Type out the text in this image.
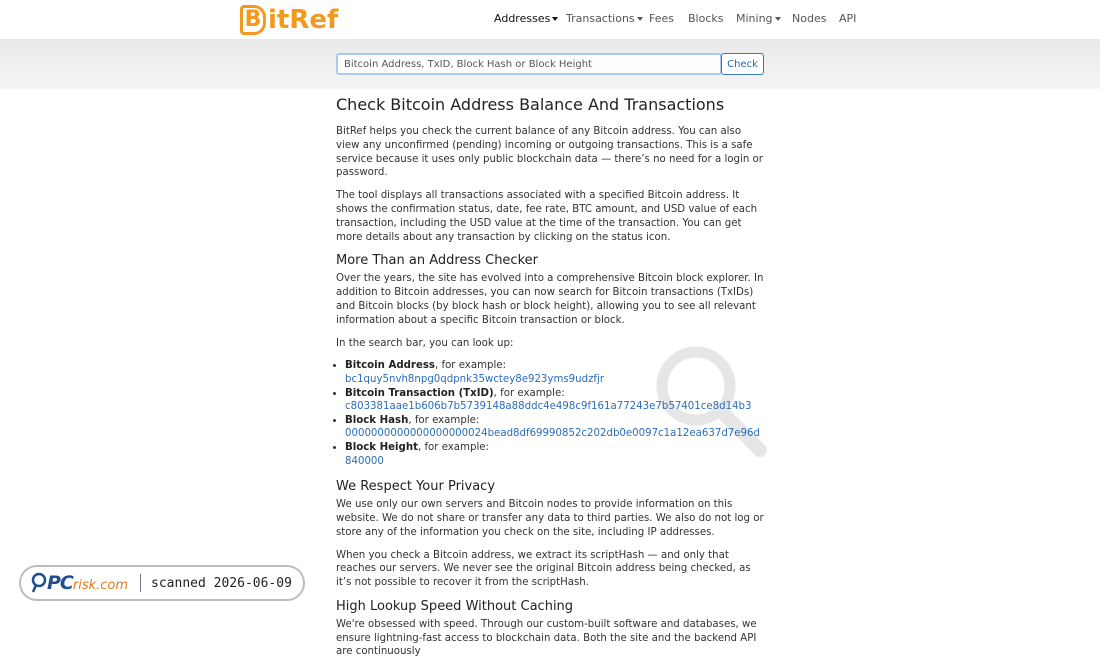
B itRef	Addresses	Transactions	Fees Blocks Mining	Nodes API
Bitcoin Address, TxID, Block Hash or Block Height
Check
Check Bitcoin Address Balance And Transactions

BitRef helps you check the current balance of any Bitcoin address. You can also view any unconfirmed (pending) incoming or outgoing transactions. This is a safe service because it uses only public blockchain data — there’s no need for a login or password.

The tool displays all transactions associated with a specified Bitcoin address. It shows the confirmation status, date, fee rate, BTC amount, and USD value of each transaction, including the USD value at the time of the transaction. You can get more details about any transaction by clicking on the status icon.

More Than an Address Checker

Over the years, the site has evolved into a comprehensive Bitcoin block explorer. In addition to Bitcoin addresses, you can now search for Bitcoin transactions (TxIDs) and Bitcoin blocks (by block hash or block height), allowing you to see all relevant information about a specific Bitcoin transaction or block.

In the search bar, you can look up:

• Bitcoin Address, for example:
bc1quy5nvh8npg0qdpnk35wctey8e923yms9udzfjr
• Bitcoin Transaction (TxID), for example:
c803381aae1b606b7b5739148a88ddc4e498c9f161a77243e7b57401ce8d14b3
• Block Hash, for example:
0000000000000000000024bead8df69990852c202db0e0097c1a12ea637d7e96d
• Block Height, for example:
840000
We Respect Your Privacy

We use only our own servers and Bitcoin nodes to provide information on this website. We do not share or transfer any data to third parties. We also do not log or store any of the information you check on the site, including IP addresses.

When you check a Bitcoin address, we extract its scriptHash — and only that reaches our servers. We never see the original Bitcoin address being checked, as it’s not possible to recover it from the scriptHash.

High Lookup Speed Without Caching

We're obsessed with speed. Through our custom-built software and databases, we ensure lightning-fast access to blockchain data. Both the site and the backend API are continuously

PC risk.com scanned 2026-06-09
